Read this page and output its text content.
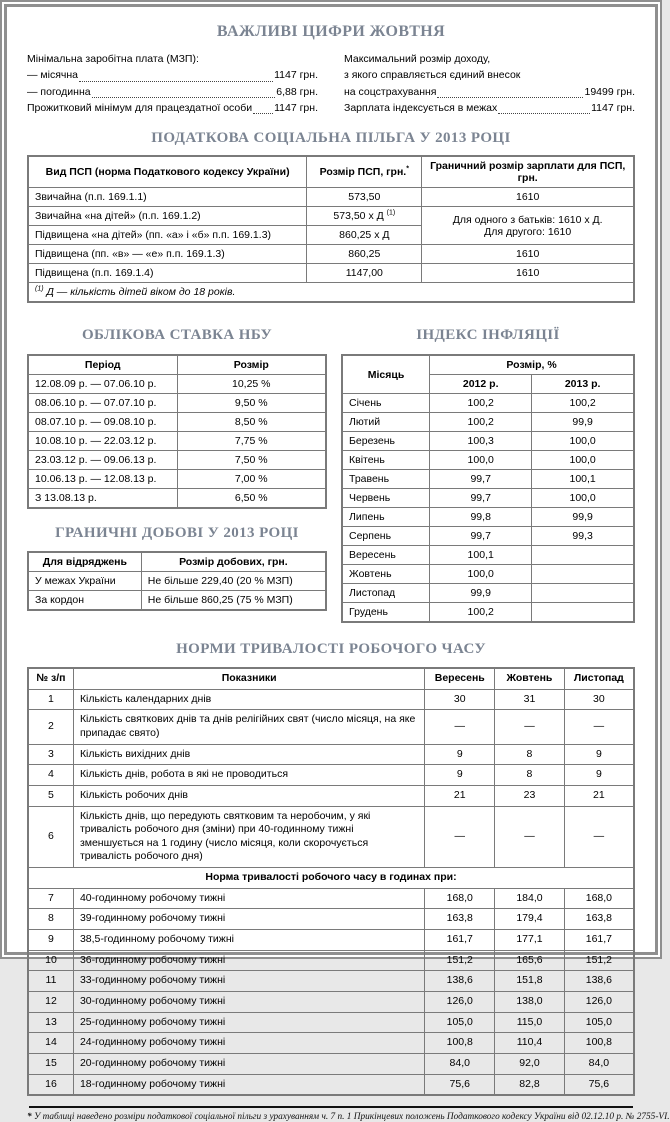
ВАЖЛИВІ ЦИФРИ ЖОВТНЯ
Мінімальна заробітна плата (МЗП):
— місячна	1147 грн.
— погодинна	6,88 грн.
Прожитковий мінімум для працездатної особи 1147 грн.
Максимальний розмір доходу,
з якого справляється єдиний внесок
на соцстрахування	19499 грн.
Зарплата індексується в межах	1147 грн.
ПОДАТКОВА СОЦІАЛЬНА ПІЛЬГА У 2013 РОЦІ
Вид ПСП (норма Податкового кодексу України)	Розмір ПСП, грн.*	Граничний розмір зарплати для ПСП, грн.
Звичайна (п.п. 169.1.1)	573,50	1610
Звичайна «на дітей» (п.п. 169.1.2)	573,50 х Д $^{(1)}$	Для одного з батьків: 1610 х Д.
Для другого: 1610

Підвищена «на дітей» (пп. «а» і «б» п.п. 169.1.3)	860,25 х Д	
Підвищена (пп. «в» — «е» п.п. 169.1.3)	860,25	1610
Підвищена (п.п. 169.1.4)	1147,00	1610
$^{(1)}$ Д — кількість дітей віком до 18 років.		
ОБЛІКОВА СТАВКА НБУ
Період	Розмір
12.08.09 р. — 07.06.10 р.	10,25 %
08.06.10 р. — 07.07.10 р.	9,50 %
08.07.10 р. — 09.08.10 р.	8,50 %
10.08.10 р. — 22.03.12 р.	7,75 %
23.03.12 р. — 09.06.13 р.	7,50 %
10.06.13 р. — 12.08.13 р.	7,00 %
З 13.08.13 р.	6,50 %
ГРАНИЧНІ ДОБОВІ У 2013 РОЦІ
Для відряджень	Розмір добових, грн.
У межах України	Не більше 229,40 (20 % МЗП)
За кордон	Не більше 860,25 (75 % МЗП)
ІНДЕКС ІНФЛЯЦІЇ
Місяць	Розмір, %	
	2012 р.	2013 р.
Січень	100,2	100,2
Лютий	100,2	99,9
Березень	100,3	100,0
Квітень	100,0	100,0
Травень	99,7	100,1
Червень	99,7	100,0
Липень	99,8	99,9
Серпень	99,7	99,3
Вересень	100,1	
Жовтень	100,0	
Листопад	99,9	
Грудень	100,2	
НОРМИ ТРИВАЛОСТІ РОБОЧОГО ЧАСУ
№ з/п	Показники	Вересень	Жовтень	Листопад
1	Кількість календарних днів	30	31	30
2	Кількість святкових днів та днів релігійних свят (число місяця, на яке припадає свято)	—	—	—
3	Кількість вихідних днів	9	8	9
4	Кількість днів, робота в які не проводиться	9	8	9
5	Кількість робочих днів	21	23	21
6	Кількість днів, що передують святковим та неробочим, у які тривалість робочого дня (зміни) при 40-годинному тижні зменшується на 1 годину (число місяця, коли скорочується тривалість робочого дня)	—	—	—
Норма тривалості робочого часу в годинах при:				
7	40-годинному робочому тижні	168,0	184,0	168,0
8	39-годинному робочому тижні	163,8	179,4	163,8
9	38,5-годинному робочому тижні	161,7	177,1	161,7
10	36-годинному робочому тижні	151,2	165,6	151,2
11	33-годинному робочому тижні	138,6	151,8	138,6
12	30-годинному робочому тижні	126,0	138,0	126,0
13	25-годинному робочому тижні	105,0	115,0	105,0
14	24-годинному робочому тижні	100,8	110,4	100,8
15	20-годинному робочому тижні	84,0	92,0	84,0
16	18-годинному робочому тижні	75,6	82,8	75,6

* У таблиці наведено розміри податкової соціальної пільги з урахуванням ч. 7 п. 1 Прикінцевих положень Податкового кодексу України від 02.12.10 р. № 2755-VI.
